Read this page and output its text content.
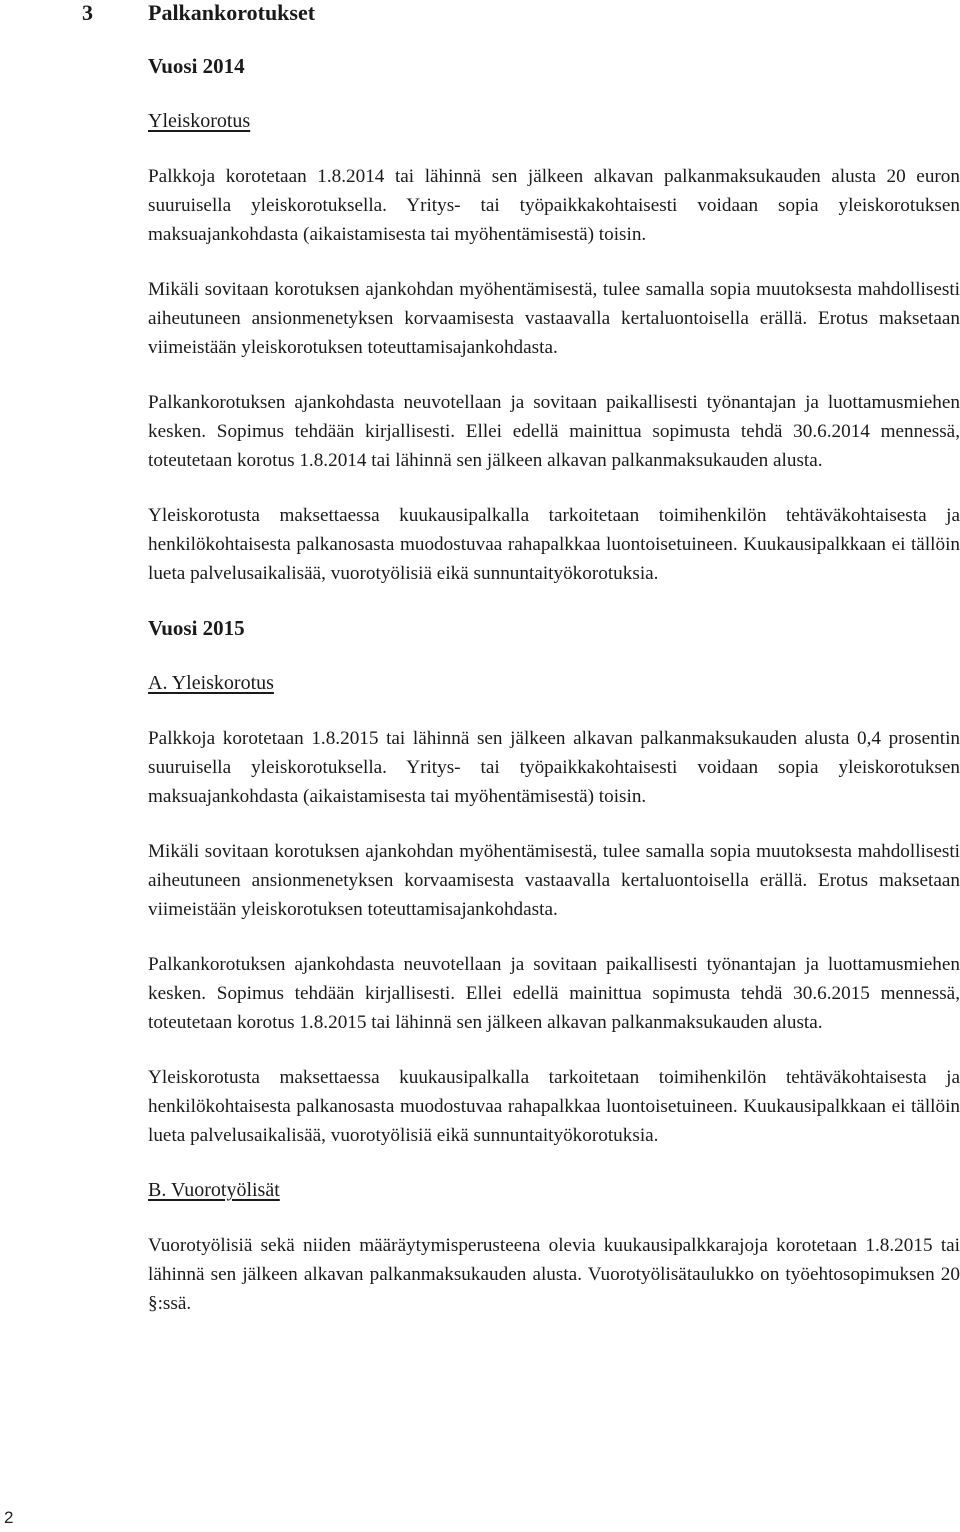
3	Palkankorotukset
Vuosi 2014
Yleiskorotus

Palkkoja korotetaan 1.8.2014 tai lähinnä sen jälkeen alkavan palkanmaksukauden alusta 20 euron suuruisella yleiskorotuksella. Yritys- tai työpaikkakohtaisesti voidaan sopia yleiskorotuksen maksuajankohdasta (aikaistamisesta tai myöhentämisestä) toisin.

Mikäli sovitaan korotuksen ajankohdan myöhentämisestä, tulee samalla sopia muutoksesta mahdollisesti aiheutuneen ansionmenetyksen korvaamisesta vastaavalla kertaluontoisella erällä. Erotus maksetaan viimeistään yleiskorotuksen toteuttamisajankohdasta.

Palkankorotuksen ajankohdasta neuvotellaan ja sovitaan paikallisesti työnantajan ja luottamusmiehen kesken. Sopimus tehdään kirjallisesti. Ellei edellä mainittua sopimusta tehdä 30.6.2014 mennessä, toteutetaan korotus 1.8.2014 tai lähinnä sen jälkeen alkavan palkanmaksukauden alusta.

Yleiskorotusta maksettaessa kuukausipalkalla tarkoitetaan toimihenkilön tehtäväkohtaisesta ja henkilökohtaisesta palkanosasta muodostuvaa rahapalkkaa luontoisetuineen. Kuukausipalkkaan ei tällöin lueta palvelusaikalisää, vuorotyölisiä eikä sunnuntaityökorotuksia.

Vuosi 2015
A. Yleiskorotus

Palkkoja korotetaan 1.8.2015 tai lähinnä sen jälkeen alkavan palkanmaksukauden alusta 0,4 prosentin suuruisella yleiskorotuksella. Yritys- tai työpaikkakohtaisesti voidaan sopia yleiskorotuksen maksuajankohdasta (aikaistamisesta tai myöhentämisestä) toisin.

Mikäli sovitaan korotuksen ajankohdan myöhentämisestä, tulee samalla sopia muutoksesta mahdollisesti aiheutuneen ansionmenetyksen korvaamisesta vastaavalla kertaluontoisella erällä. Erotus maksetaan viimeistään yleiskorotuksen toteuttamisajankohdasta.

Palkankorotuksen ajankohdasta neuvotellaan ja sovitaan paikallisesti työnantajan ja luottamusmiehen kesken. Sopimus tehdään kirjallisesti. Ellei edellä mainittua sopimusta tehdä 30.6.2015 mennessä, toteutetaan korotus 1.8.2015 tai lähinnä sen jälkeen alkavan palkanmaksukauden alusta.

Yleiskorotusta maksettaessa kuukausipalkalla tarkoitetaan toimihenkilön tehtäväkohtaisesta ja henkilökohtaisesta palkanosasta muodostuvaa rahapalkkaa luontoisetuineen. Kuukausipalkkaan ei tällöin lueta palvelusaikalisää, vuorotyölisiä eikä sunnuntaityökorotuksia.

B. Vuorotyölisät

Vuorotyölisiä sekä niiden määräytymisperusteena olevia kuukausipalkkarajoja korotetaan 1.8.2015 tai lähinnä sen jälkeen alkavan palkanmaksukauden alusta. Vuorotyölisätaulukko on työehtosopimuksen 20 §:ssä.

2
